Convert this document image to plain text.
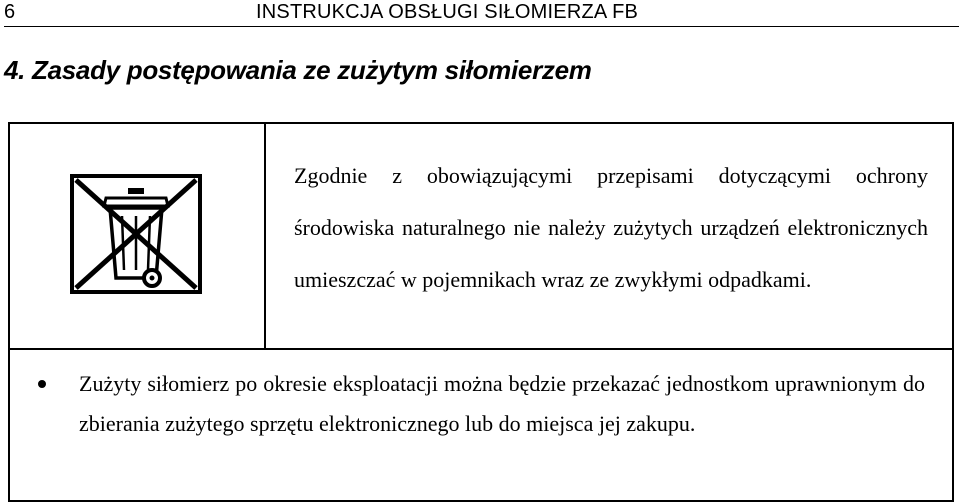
6	INSTRUKCJA OBSŁUGI SIŁOMIERZA FB
4. Zasady postępowania ze zużytym siłomierzem
Zgodnie z obowiązującymi przepisami dotyczącymi ochrony środowiska naturalnego nie należy zużytych urządzeń elektronicznych umieszczać w pojemnikach wraz ze zwykłymi odpadkami.
Zużyty siłomierz po okresie eksploatacji można będzie przekazać jednostkom uprawnionym do zbierania zużytego sprzętu elektronicznego lub do miejsca jej zakupu.
